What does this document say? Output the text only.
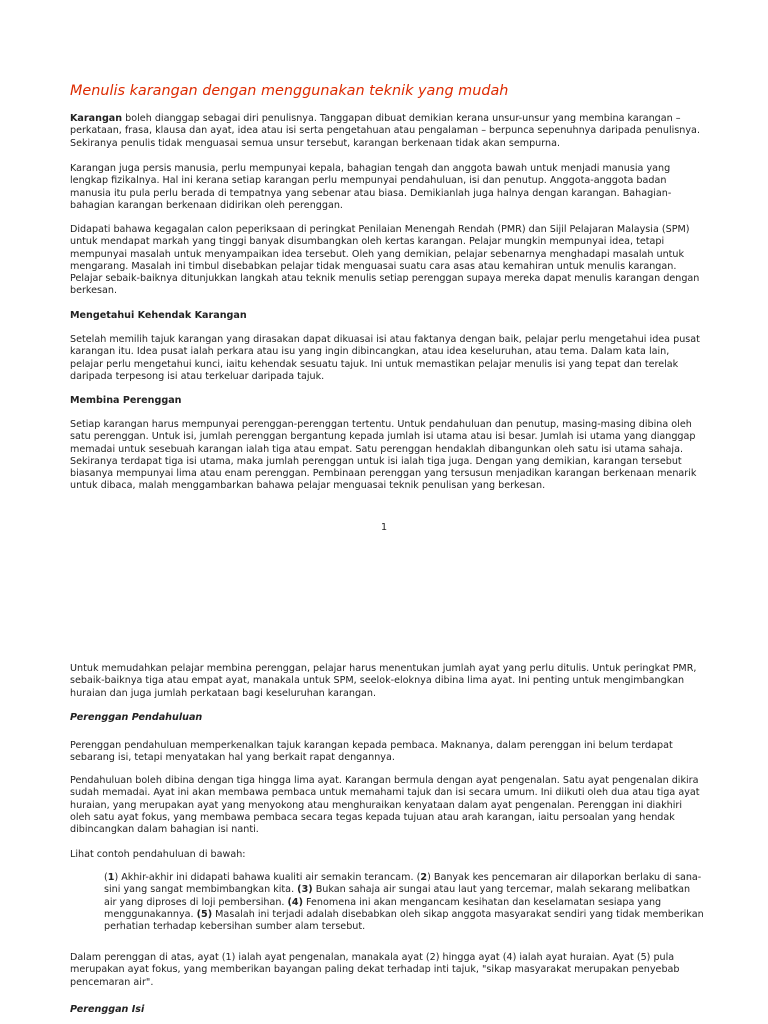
Menulis karangan dengan menggunakan teknik yang mudah

Karangan boleh dianggap sebagai diri penulisnya. Tanggapan dibuat demikian kerana unsur-unsur yang membina karangan – perkataan, frasa, klausa dan ayat, idea atau isi serta pengetahuan atau pengalaman – berpunca sepenuhnya daripada penulisnya. Sekiranya penulis tidak menguasai semua unsur tersebut, karangan berkenaan tidak akan sempurna.

Karangan juga persis manusia, perlu mempunyai kepala, bahagian tengah dan anggota bawah untuk menjadi manusia yang lengkap fizikalnya. Hal ini kerana setiap karangan perlu mempunyai pendahuluan, isi dan penutup. Anggota-anggota badan manusia itu pula perlu berada di tempatnya yang sebenar atau biasa. Demikianlah juga halnya dengan karangan. Bahagian-bahagian karangan berkenaan didirikan oleh perenggan.

Didapati bahawa kegagalan calon peperiksaan di peringkat Penilaian Menengah Rendah (PMR) dan Sijil Pelajaran Malaysia (SPM) untuk mendapat markah yang tinggi banyak disumbangkan oleh kertas karangan. Pelajar mungkin mempunyai idea, tetapi mempunyai masalah untuk menyampaikan idea tersebut. Oleh yang demikian, pelajar sebenarnya menghadapi masalah untuk mengarang. Masalah ini timbul disebabkan pelajar tidak menguasai suatu cara asas atau kemahiran untuk menulis karangan. Pelajar sebaik-baiknya ditunjukkan langkah atau teknik menulis setiap perenggan supaya mereka dapat menulis karangan dengan berkesan.

Mengetahui Kehendak Karangan

Setelah memilih tajuk karangan yang dirasakan dapat dikuasai isi atau faktanya dengan baik, pelajar perlu mengetahui idea pusat karangan itu. Idea pusat ialah perkara atau isu yang ingin dibincangkan, atau idea keseluruhan, atau tema. Dalam kata lain, pelajar perlu mengetahui kunci, iaitu kehendak sesuatu tajuk. Ini untuk memastikan pelajar menulis isi yang tepat dan terelak daripada terpesong isi atau terkeluar daripada tajuk.

Membina Perenggan

Setiap karangan harus mempunyai perenggan-perenggan tertentu. Untuk pendahuluan dan penutup, masing-masing dibina oleh satu perenggan. Untuk isi, jumlah perenggan bergantung kepada jumlah isi utama atau isi besar. Jumlah isi utama yang dianggap memadai untuk sesebuah karangan ialah tiga atau empat. Satu perenggan hendaklah dibangunkan oleh satu isi utama sahaja. Sekiranya terdapat tiga isi utama, maka jumlah perenggan untuk isi ialah tiga juga. Dengan yang demikian, karangan tersebut biasanya mempunyai lima atau enam perenggan. Pembinaan perenggan yang tersusun menjadikan karangan berkenaan menarik untuk dibaca, malah menggambarkan bahawa pelajar menguasai teknik penulisan yang berkesan.

1

Untuk memudahkan pelajar membina perenggan, pelajar harus menentukan jumlah ayat yang perlu ditulis. Untuk peringkat PMR, sebaik-baiknya tiga atau empat ayat, manakala untuk SPM, seelok-eloknya dibina lima ayat. Ini penting untuk mengimbangkan huraian dan juga jumlah perkataan bagi keseluruhan karangan.

Perenggan Pendahuluan

Perenggan pendahuluan memperkenalkan tajuk karangan kepada pembaca. Maknanya, dalam perenggan ini belum terdapat sebarang isi, tetapi menyatakan hal yang berkait rapat dengannya.

Pendahuluan boleh dibina dengan tiga hingga lima ayat. Karangan bermula dengan ayat pengenalan. Satu ayat pengenalan dikira sudah memadai. Ayat ini akan membawa pembaca untuk memahami tajuk dan isi secara umum. Ini diikuti oleh dua atau tiga ayat huraian, yang merupakan ayat yang menyokong atau menghuraikan kenyataan dalam ayat pengenalan. Perenggan ini diakhiri oleh satu ayat fokus, yang membawa pembaca secara tegas kepada tujuan atau arah karangan, iaitu persoalan yang hendak dibincangkan dalam bahagian isi nanti.

Lihat contoh pendahuluan di bawah:

(1) Akhir-akhir ini didapati bahawa kualiti air semakin terancam. (2) Banyak kes pencemaran air dilaporkan berlaku di sana-sini yang sangat membimbangkan kita. (3) Bukan sahaja air sungai atau laut yang tercemar, malah sekarang melibatkan air yang diproses di loji pembersihan. (4) Fenomena ini akan mengancam kesihatan dan keselamatan sesiapa yang menggunakannya. (5) Masalah ini terjadi adalah disebabkan oleh sikap anggota masyarakat sendiri yang tidak memberikan perhatian terhadap kebersihan sumber alam tersebut.

Dalam perenggan di atas, ayat (1) ialah ayat pengenalan, manakala ayat (2) hingga ayat (4) ialah ayat huraian. Ayat (5) pula merupakan ayat fokus, yang memberikan bayangan paling dekat terhadap inti tajuk, "sikap masyarakat merupakan penyebab pencemaran air".

Perenggan Isi
